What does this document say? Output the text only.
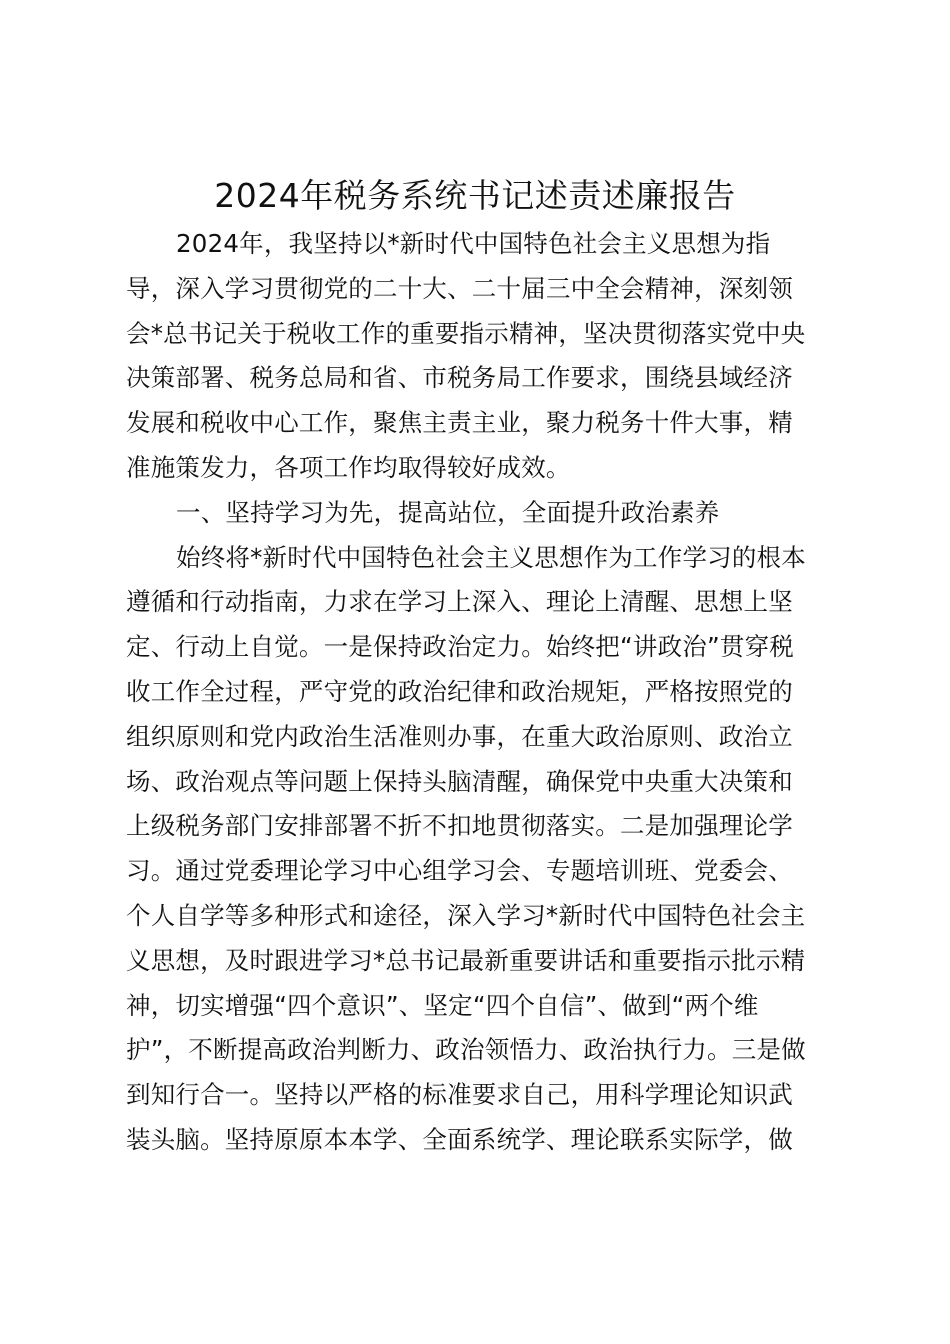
2024年税务系统书记述责述廉报告
2024年，我坚持以*新时代中国特色社会主义思想为指
导，深入学习贯彻党的二十大、二十届三中全会精神，深刻领
会*总书记关于税收工作的重要指示精神，坚决贯彻落实党中央
决策部署、税务总局和省、市税务局工作要求，围绕县域经济
发展和税收中心工作，聚焦主责主业，聚力税务十件大事，精
准施策发力，各项工作均取得较好成效。
一、坚持学习为先，提高站位，全面提升政治素养
始终将*新时代中国特色社会主义思想作为工作学习的根本
遵循和行动指南，力求在学习上深入、理论上清醒、思想上坚
定、行动上自觉。一是保持政治定力。始终把“讲政治”贯穿税
收工作全过程，严守党的政治纪律和政治规矩，严格按照党的
组织原则和党内政治生活准则办事，在重大政治原则、政治立
场、政治观点等问题上保持头脑清醒，确保党中央重大决策和
上级税务部门安排部署不折不扣地贯彻落实。二是加强理论学
习。通过党委理论学习中心组学习会、专题培训班、党委会、
个人自学等多种形式和途径，深入学习*新时代中国特色社会主
义思想，及时跟进学习*总书记最新重要讲话和重要指示批示精
神，切实增强“四个意识”、坚定“四个自信”、做到“两个维
护”，不断提高政治判断力、政治领悟力、政治执行力。三是做
到知行合一。坚持以严格的标准要求自己，用科学理论知识武
装头脑。坚持原原本本学、全面系统学、理论联系实际学，做
